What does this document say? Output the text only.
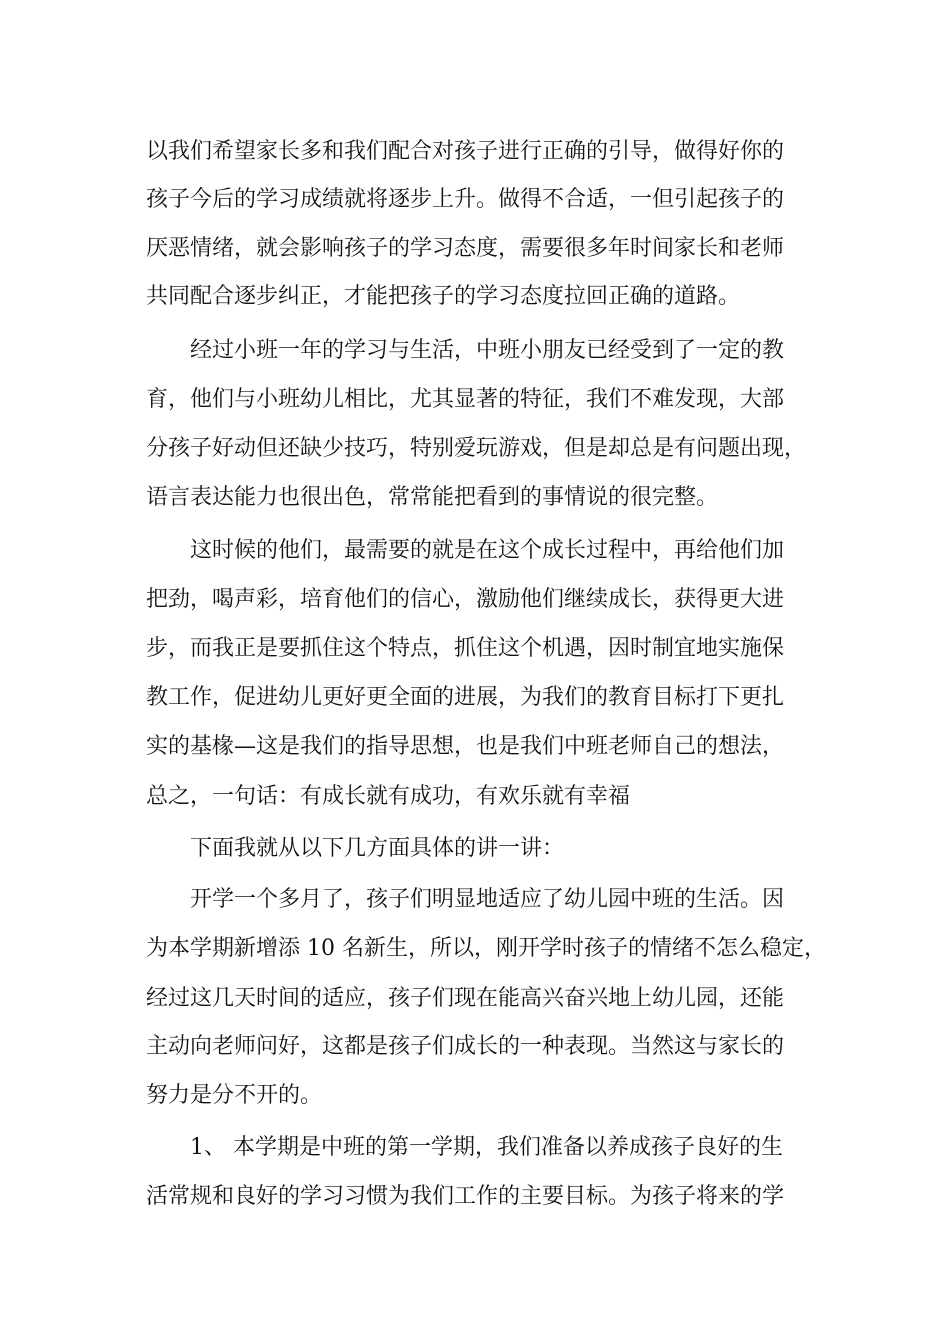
以我们希望家长多和我们配合对孩子进行正确的引导，做得好你的
孩子今后的学习成绩就将逐步上升。做得不合适，一但引起孩子的
厌恶情绪，就会影响孩子的学习态度，需要很多年时间家长和老师
共同配合逐步纠正，才能把孩子的学习态度拉回正确的道路。
经过小班一年的学习与生活，中班小朋友已经受到了一定的教
育，他们与小班幼儿相比，尤其显著的特征，我们不难发现，大部
分孩子好动但还缺少技巧，特别爱玩游戏，但是却总是有问题出现，
语言表达能力也很出色，常常能把看到的事情说的很完整。
这时候的他们，最需要的就是在这个成长过程中，再给他们加
把劲，喝声彩，培育他们的信心，激励他们继续成长，获得更大进
步，而我正是要抓住这个特点，抓住这个机遇，因时制宜地实施保
教工作，促进幼儿更好更全面的进展，为我们的教育目标打下更扎
实的基椽—这是我们的指导思想，也是我们中班老师自己的想法，
总之，一句话：有成长就有成功，有欢乐就有幸福
下面我就从以下几方面具体的讲一讲：
开学一个多月了，孩子们明显地适应了幼儿园中班的生活。因
为本学期新增添 10 名新生，所以，刚开学时孩子的情绪不怎么稳定，
经过这几天时间的适应，孩子们现在能高兴奋兴地上幼儿园，还能
主动向老师问好，这都是孩子们成长的一种表现。当然这与家长的
努力是分不开的。
1、 本学期是中班的第一学期，我们准备以养成孩子良好的生
活常规和良好的学习习惯为我们工作的主要目标。为孩子将来的学
